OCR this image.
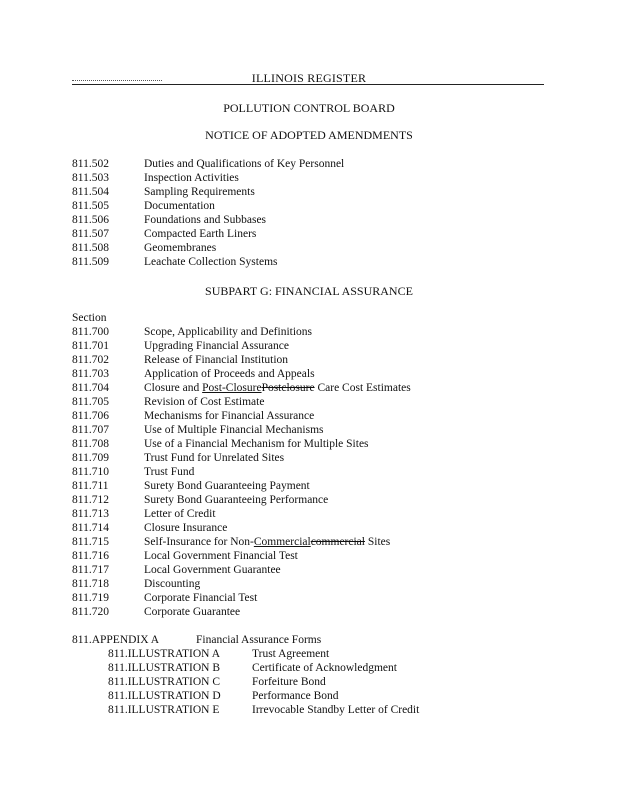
ILLINOIS REGISTER
POLLUTION CONTROL BOARD
NOTICE OF ADOPTED AMENDMENTS
811.502	Duties and Qualifications of Key Personnel
811.503	Inspection Activities
811.504	Sampling Requirements
811.505	Documentation
811.506	Foundations and Subbases
811.507	Compacted Earth Liners
811.508	Geomembranes
811.509	Leachate Collection Systems
SUBPART G: FINANCIAL ASSURANCE
Section
811.700	Scope, Applicability and Definitions
811.701	Upgrading Financial Assurance
811.702	Release of Financial Institution
811.703	Application of Proceeds and Appeals
811.704	Closure and Post-ClosurePostclosure Care Cost Estimates
811.705	Revision of Cost Estimate
811.706	Mechanisms for Financial Assurance
811.707	Use of Multiple Financial Mechanisms
811.708	Use of a Financial Mechanism for Multiple Sites
811.709	Trust Fund for Unrelated Sites
811.710	Trust Fund
811.711	Surety Bond Guaranteeing Payment
811.712	Surety Bond Guaranteeing Performance
811.713	Letter of Credit
811.714	Closure Insurance
811.715	Self-Insurance for Non-Commercialcommercial Sites
811.716	Local Government Financial Test
811.717	Local Government Guarantee
811.718	Discounting
811.719	Corporate Financial Test
811.720	Corporate Guarantee
811.APPENDIX A	Financial Assurance Forms
811.ILLUSTRATION A	Trust Agreement
811.ILLUSTRATION B	Certificate of Acknowledgment
811.ILLUSTRATION C	Forfeiture Bond
811.ILLUSTRATION D	Performance Bond
811.ILLUSTRATION E	Irrevocable Standby Letter of Credit
